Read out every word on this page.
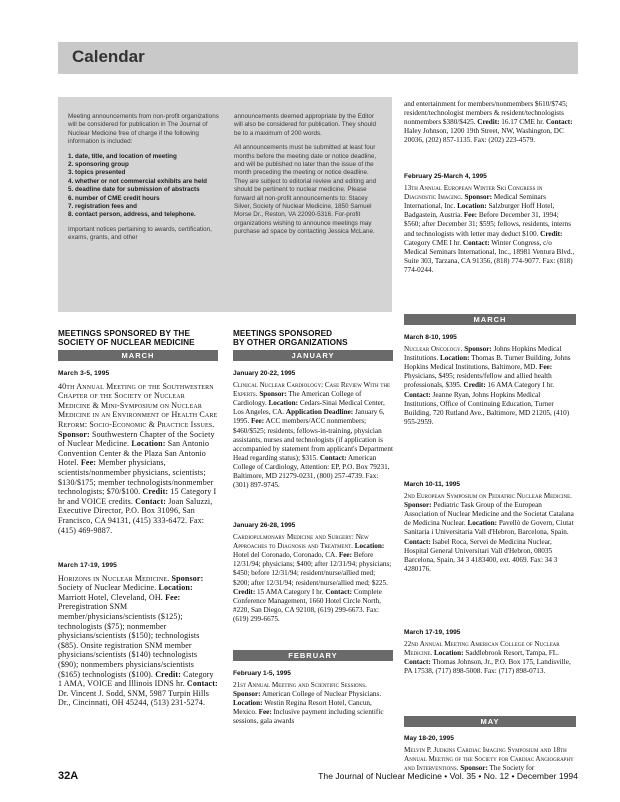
Calendar

Meeting announcements from non-profit organizations will be considered for publication in The Journal of Nuclear Medicine free of charge if the following information is included:

1. date, title, and location of meeting
2. sponsoring group
3. topics presented
4. whether or not commercial exhibits are held
5. deadline date for submission of abstracts
6. number of CME credit hours
7. registration fees and
8. contact person, address, and telephone.

Important notices pertaining to awards, certification, exams, grants, and other

announcements deemed appropriate by the Editor will also be considered for publication. They should be to a maximum of 200 words.

All announcements must be submitted at least four months before the meeting date or notice deadline, and will be published no later than the issue of the month preceding the meeting or notice deadline. They are subject to editorial review and editing and should be pertinent to nuclear medicine. Please forward all non-profit announcements to: Stacey Silver, Society of Nuclear Medicine, 1850 Samuel Morse Dr., Reston, VA 22090-5316. For-profit organizations wishing to announce meetings may purchase ad space by contacting Jessica McLane.

MEETINGS SPONSORED BY THE
SOCIETY OF NUCLEAR MEDICINE
MARCH
March 3-5, 1995
40th Annual Meeting of the Southwestern Chapter of the Society of Nuclear Medicine & Mini-Symposium on Nuclear Medicine in an Environment of Health Care Reform: Socio-Economic & Practice Issues. Sponsor: Southwestern Chapter of the Society of Nuclear Medicine. Location: San Antonio Convention Center & the Plaza San Antonio Hotel. Fee: Member physicians, scientists/nonmember physicians, scientists; $130/$175; member technologists/nonmember technologists; $70/$100. Credit: 15 Category I hr and VOICE credits. Contact: Joan Saluzzi, Executive Director, P.O. Box 31096, San Francisco, CA 94131, (415) 333-6472. Fax: (415) 469-9887.
March 17-19, 1995
Horizons in Nuclear Medicine. Sponsor: Society of Nuclear Medicine. Location: Marriott Hotel, Cleveland, OH. Fee: Preregistration SNM member/physicians/scientists ($125); technologists ($75); nonmember physicians/scientists ($150); technologists ($85). Onsite registration SNM member physicians/scientists ($140) technologists ($90); nonmembers physicians/scientists ($165) technologists ($100). Credit: Category 1 AMA, VOICE and Illinois IDNS hr. Contact: Dr. Vincent J. Sodd, SNM, 5987 Turpin Hills Dr., Cincinnati, OH 45244, (513) 231-5274.
MEETINGS SPONSORED
BY OTHER ORGANIZATIONS
JANUARY
January 20-22, 1995
Clinical Nuclear Cardiology: Case Review With the Experts. Sponsor: The American College of Cardiology. Location: Cedars-Sinai Medical Center, Los Angeles, CA. Application Deadline: January 6, 1995. Fee: ACC members/ACC nonmembers; $460/$525; residents, fellows-in-training, physician assistants, nurses and technologists (if application is accompanied by statement from applicant's Department Head regarding status); $315. Contact: American College of Cardiology, Attention: EP, P.O. Box 79231, Baltimore, MD 21279-0231, (800) 257-4739. Fax: (301) 897-9745.
January 26-28, 1995
Cardiopulmonary Medicine and Surgery: New Approaches to Diagnosis and Treatment. Location: Hotel del Coronado, Coronado, CA. Fee: Before 12/31/94; physicians; $400; after 12/31/94; physicians; $450; before 12/31/94; resident/nurse/allied med; $200; after 12/31/94; resident/nurse/allied med; $225. Credit: 15 AMA Category I hr. Contact: Complete Conference Management, 1660 Hotel Circle North, #220, San Diego, CA 92108, (619) 299-6673. Fax: (619) 299-6675.
FEBRUARY
February 1-5, 1995
21st Annual Meeting and Scientific Sessions. Sponsor: American College of Nuclear Physicians. Location: Westin Regina Resort Hotel, Cancun, Mexico. Fee: Inclusive payment including scientific sessions, gala awards
and entertainment for members/nonmembers $610/$745; resident/technologist members & resident/technologists nonmembers $380/$425. Credit: 16.17 CME hr. Contact: Haley Johnson, 1200 19th Street, NW, Washington, DC 20036, (202) 857-1135. Fax: (202) 223-4579.
February 25-March 4, 1995
13th Annual European Winter Ski Congress in Diagnostic Imaging. Sponsor: Medical Seminars International, Inc. Location: Salzburger Hoff Hotel, Badgastein, Austria. Fee: Before December 31, 1994; $560; after December 31; $595; fellows, residents, interns and technologists with letter may deduct $100. Credit: Category CME I hr. Contact: Winter Congress, c/o Medical Seminars International, Inc., 18981 Ventura Blvd., Suite 303, Tarzana, CA 91356, (818) 774-9077. Fax: (818) 774-0244.
MARCH
March 8-10, 1995
Nuclear Oncology. Sponsor: Johns Hopkins Medical Institutions. Location: Thomas B. Turner Building, Johns Hopkins Medical Institutions, Baltimore, MD. Fee: Physicians, $495; residents/fellow and allied health professionals, $395. Credit: 16 AMA Category I hr. Contact: Jeanne Ryan, Johns Hopkins Medical Institutions, Office of Continuing Education, Turner Building, 720 Rutland Ave., Baltimore, MD 21205, (410) 955-2959.
March 10-11, 1995
2nd European Symposium on Pediatric Nuclear Medicine. Sponsor: Pediatric Task Group of the European Association of Nuclear Medicine and the Societat Catalana de Medicina Nuclear. Location: Pavellò de Govern, Ciutat Sanitaria i Universitaria Vall d'Hebron, Barcelona, Spain. Contact: Isabel Roca, Servei de Medicina Nuclear, Hospital General Universitari Vall d'Hebron, 08035 Barcelona, Spain, 34 3 4183400, ext. 4069. Fax: 34 3 4280176.
March 17-19, 1995
22nd Annual Meeting American College of Nuclear Medicine. Location: Saddlebrook Resort, Tampa, FL. Contact: Thomas Johnson, Jr., P.O. Box 175, Landisville, PA 17538, (717) 898-5008. Fax: (717) 898-0713.
MAY
May 18-20, 1995
Melvin P. Judkins Cardiac Imaging Symposium and 18th Annual Meeting of the Society for Cardiac Angiography and Interventions. Sponsor: The Society for
32A	The Journal of Nuclear Medicine • Vol. 35 • No. 12 • December 1994
